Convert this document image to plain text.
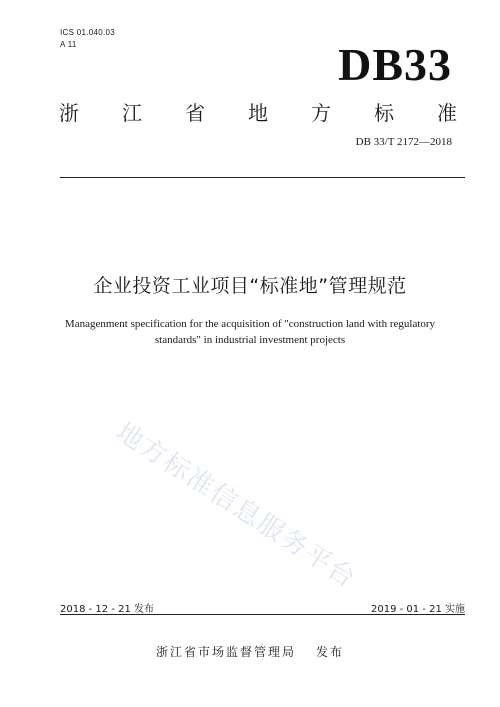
ICS 01.040.03
A 11	DB33
浙 江 省 地 方 标 准
DB 33/T 2172—2018
企业投资工业项目“标准地”管理规范
Managenment specification for the acquisition of "construction land with regulatory
standards" in industrial investment projects
地方标准信息服务平台
2018 - 12 - 21 发布	2019 - 01 - 21 实施
浙江省市场监督管理局 发布
